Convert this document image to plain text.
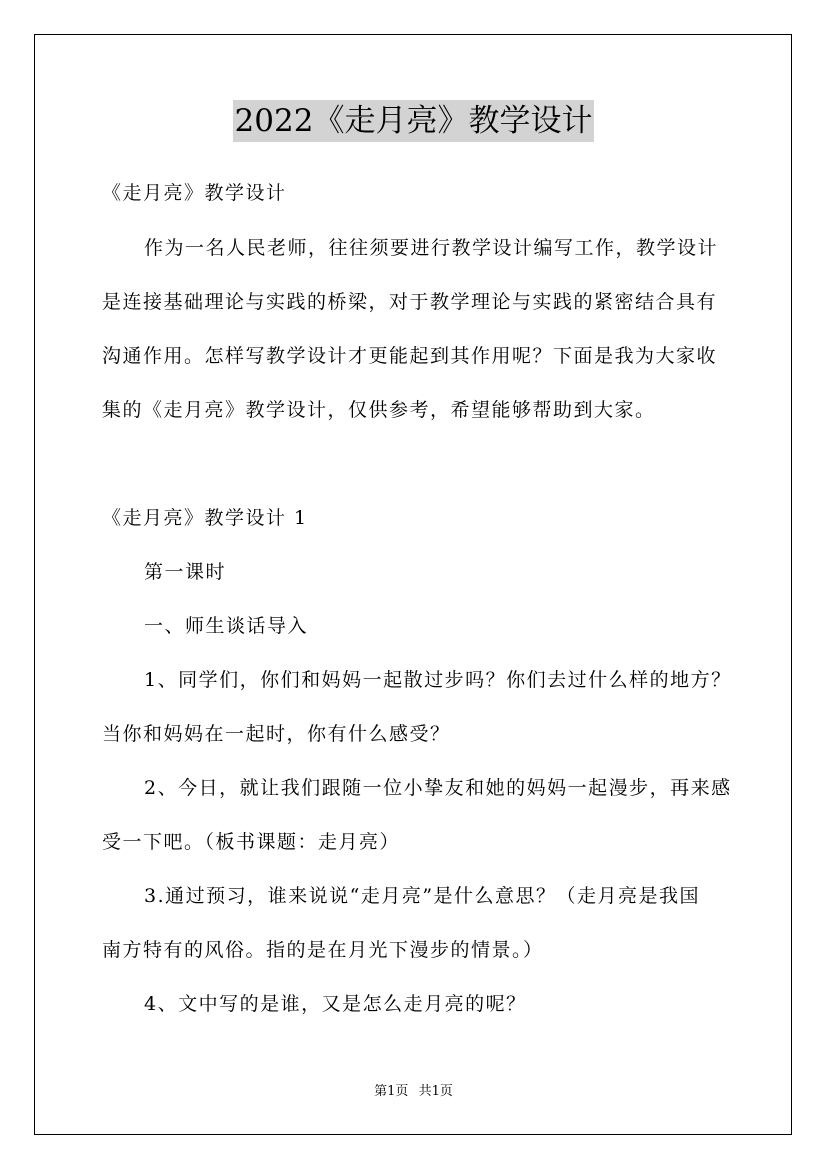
2022《走月亮》教学设计
《走月亮》教学设计
作为一名人民老师，往往须要进行教学设计编写工作，教学设计
是连接基础理论与实践的桥梁，对于教学理论与实践的紧密结合具有
沟通作用。怎样写教学设计才更能起到其作用呢？下面是我为大家收
集的《走月亮》教学设计，仅供参考，希望能够帮助到大家。
《走月亮》教学设计 1
第一课时
一、师生谈话导入
1、同学们，你们和妈妈一起散过步吗？你们去过什么样的地方？
当你和妈妈在一起时，你有什么感受？
2、今日，就让我们跟随一位小挚友和她的妈妈一起漫步，再来感
受一下吧。（板书课题：走月亮）
3.通过预习，谁来说说“走月亮”是什么意思？（走月亮是我国
南方特有的风俗。指的是在月光下漫步的情景。）
4、文中写的是谁，又是怎么走月亮的呢？
第1页 共1页
